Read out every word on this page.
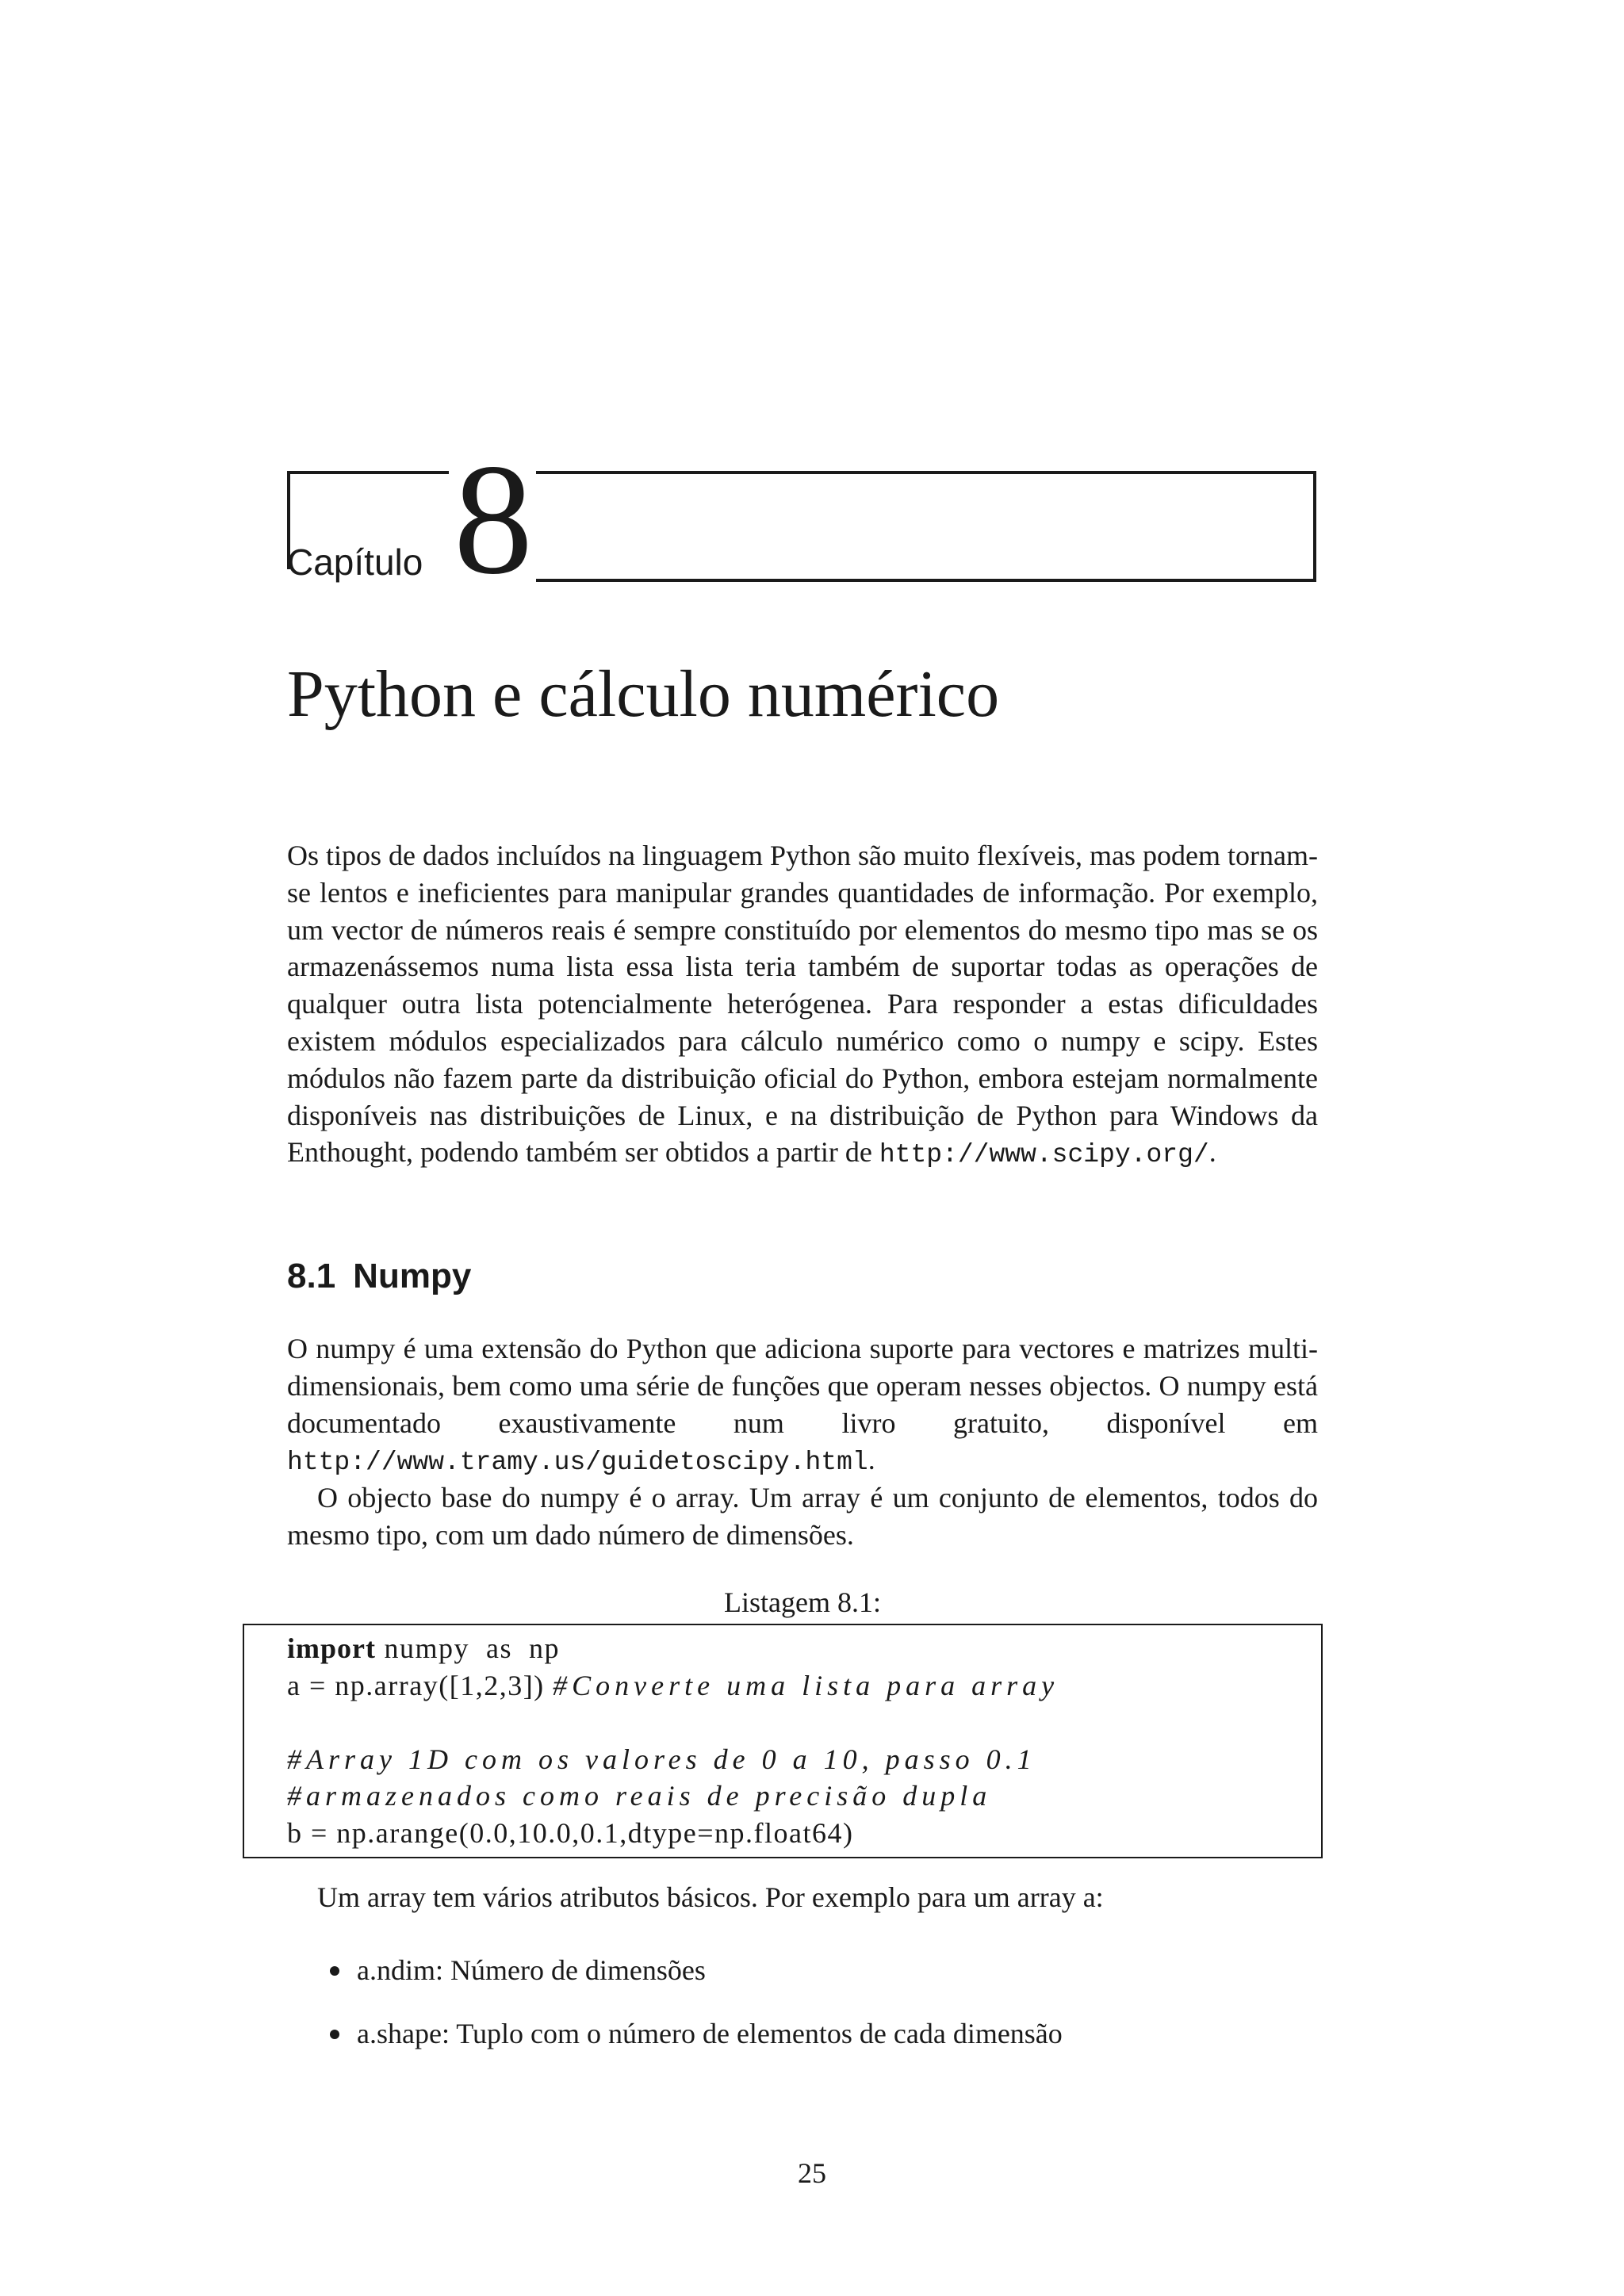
Capítulo 8
Python e cálculo numérico

Os tipos de dados incluídos na linguagem Python são muito flexíveis, mas podem tornam-se lentos e ineficientes para manipular grandes quantidades de informação. Por exemplo, um vector de números reais é sempre constituído por elementos do mesmo tipo mas se os armazenássemos numa lista essa lista teria também de suportar todas as operações de qualquer outra lista potencialmente heterógenea. Para responder a estas dificuldades existem módulos especializados para cálculo numérico como o numpy e scipy. Estes módulos não fazem parte da distribuição oficial do Python, embora estejam normalmente disponíveis nas distribuições de Linux, e na distribuição de Python para Windows da Enthought, podendo também ser obtidos a partir de http://www.scipy.org/.

8.1 Numpy

O numpy é uma extensão do Python que adiciona suporte para vectores e matrizes multi-dimensionais, bem como uma série de funções que operam nesses objectos. O numpy está documentado exaustivamente num livro gratuito, disponível em http://www.tramy.us/guidetoscipy.html.

O objecto base do numpy é o array. Um array é um conjunto de elementos, todos do mesmo tipo, com um dado número de dimensões.

Listagem 8.1:
import numpy  as  np
a = np.array([1,2,3]) #Converte uma lista para array
#Array 1D com os valores de 0 a 10, passo 0.1
#armazenados como reais de precisão dupla
b = np.arange(0.0,10.0,0.1,dtype=np.float64)
Um array tem vários atributos básicos. Por exemplo para um array a:
a.ndim: Número de dimensões
a.shape: Tuplo com o número de elementos de cada dimensão
25
